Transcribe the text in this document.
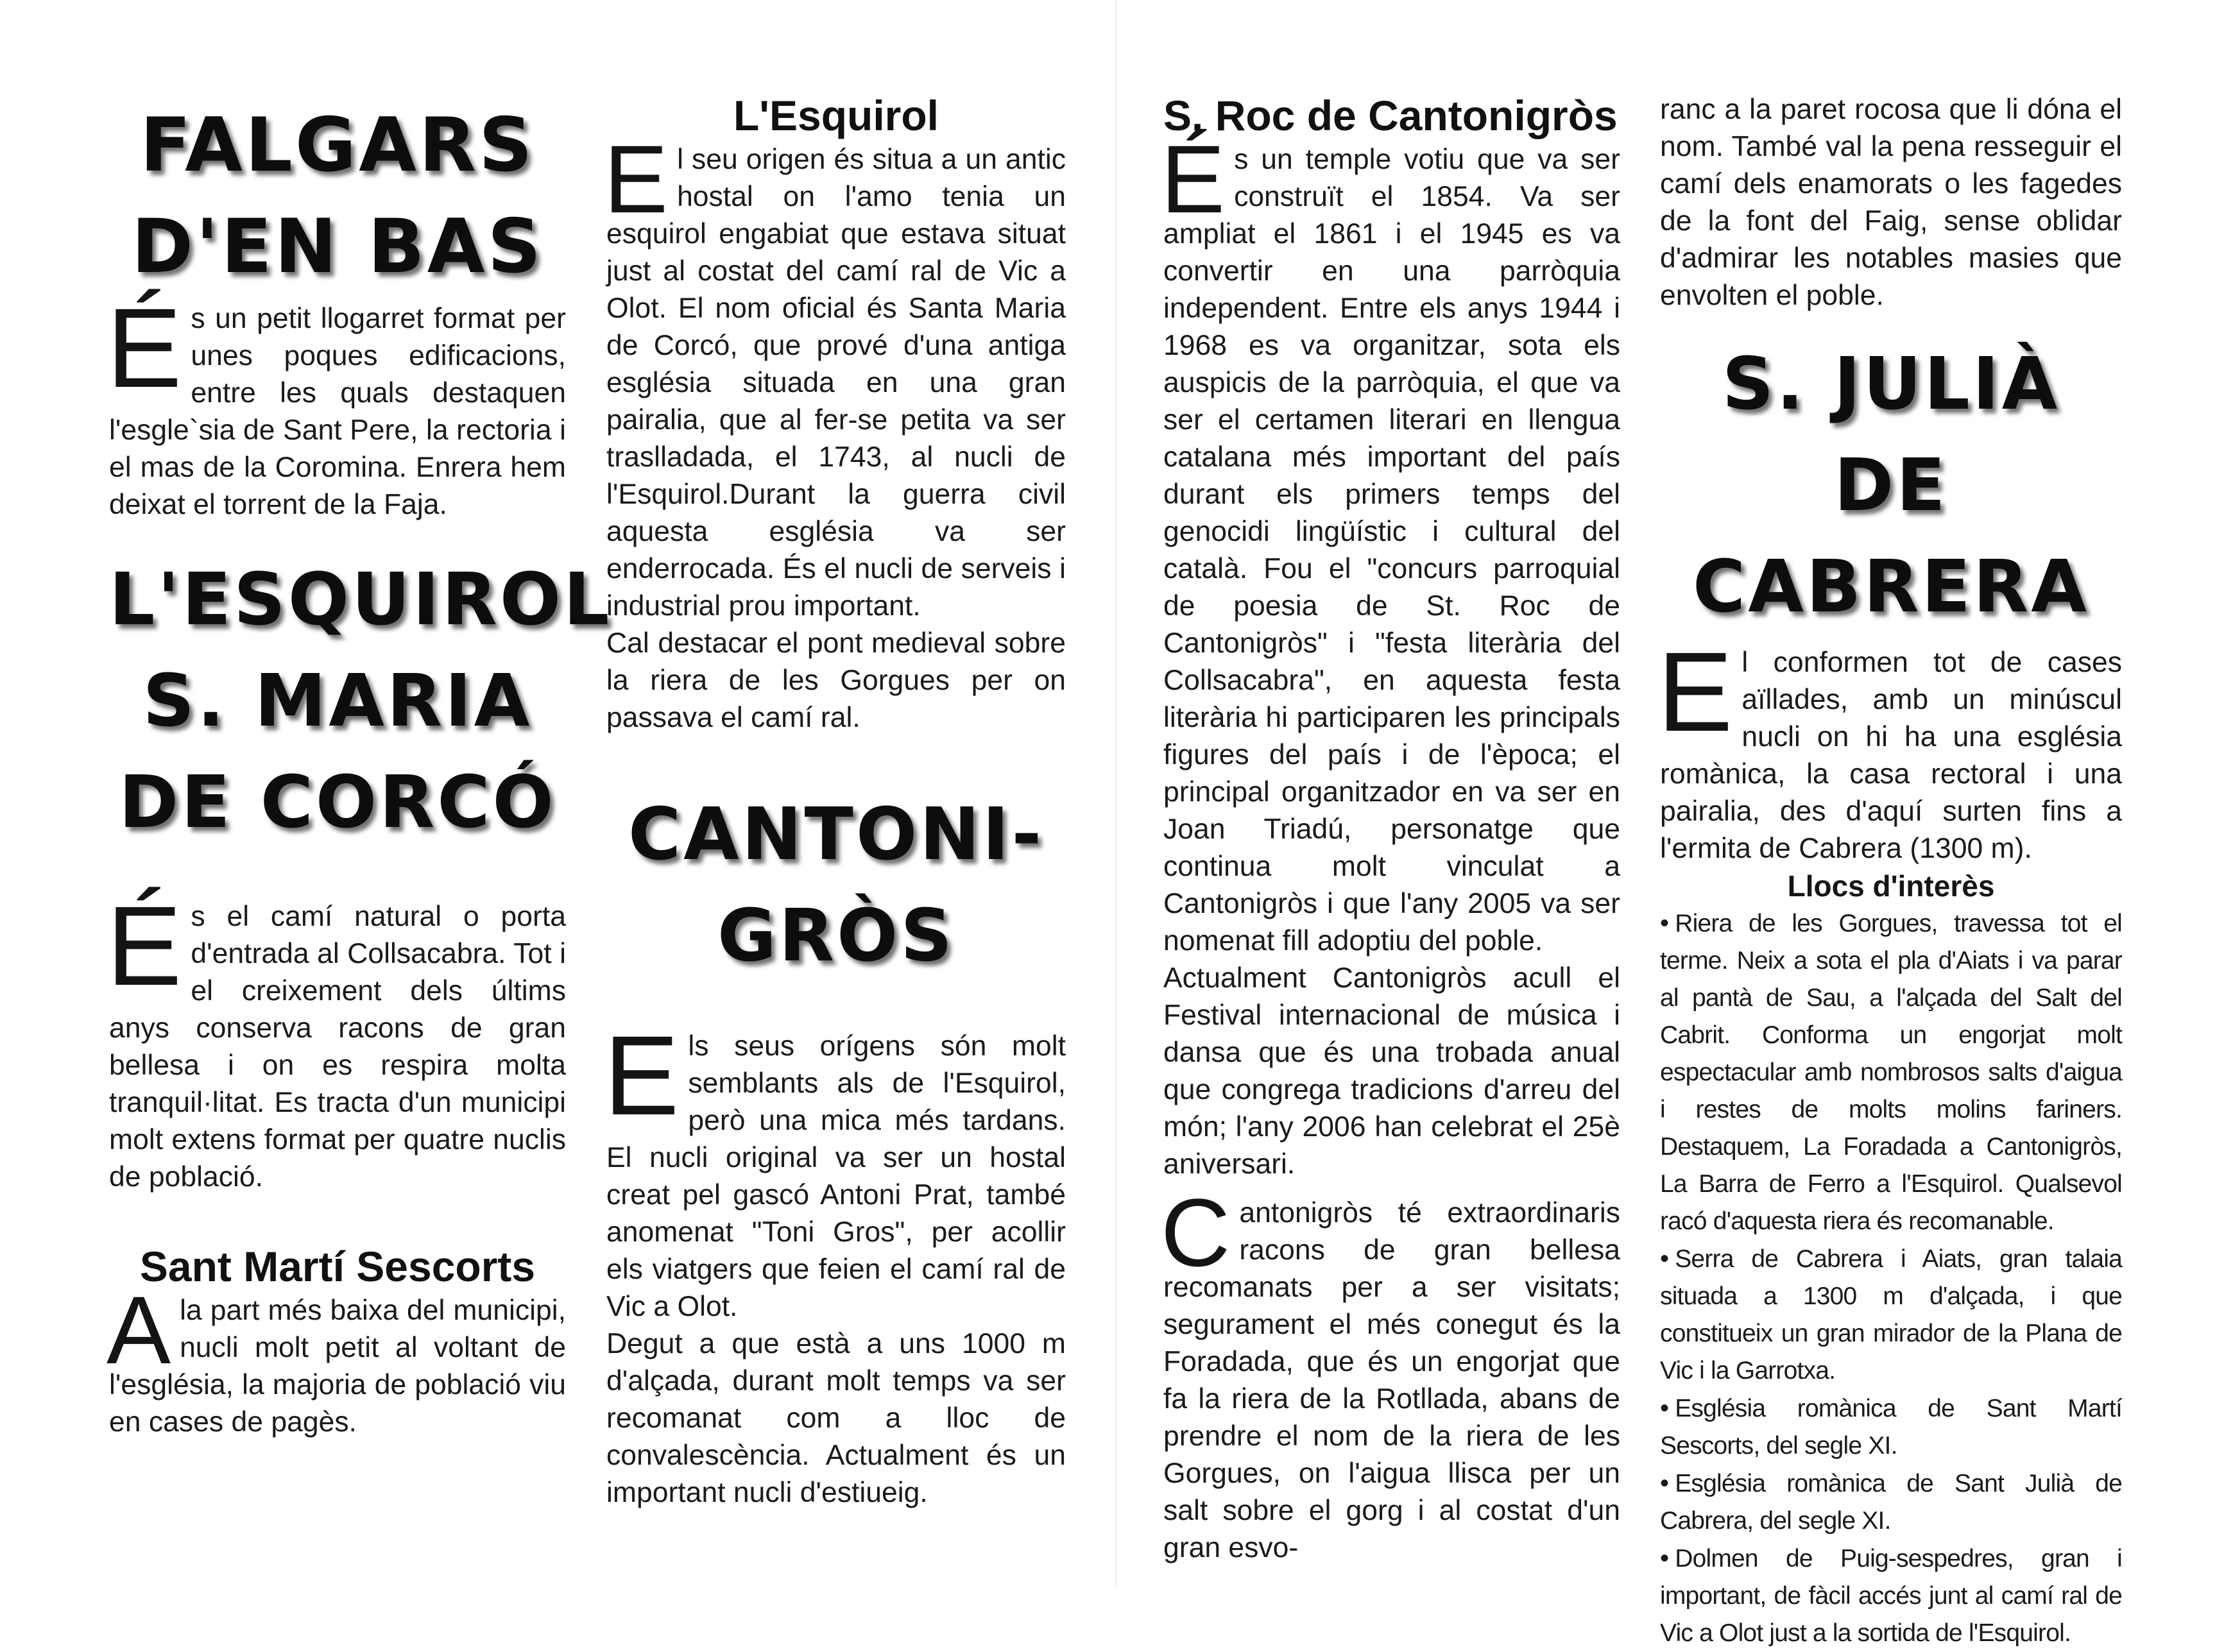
FALGARS
D'EN BAS

És un petit llogarret format per unes poques edificacions, entre les quals destaquen l'esgle`sia de Sant Pere, la rectoria i el mas de la Coromina. Enrera hem deixat el torrent de la Faja.

L'ESQUIROL
S. MARIA
DE CORCÓ

És el camí natural o porta d'entrada al Collsacabra. Tot i el creixement dels últims anys conserva racons de gran bellesa i on es respira molta tranquil·litat. Es tracta d'un municipi molt extens format per quatre nuclis de població.

Sant Martí Sescorts

Ala part més baixa del municipi, nucli molt petit al voltant de l'església, la majoria de població viu en cases de pagès.

L'Esquirol

El seu origen és situa a un antic hostal on l'amo tenia un esquirol engabiat que estava situat just al costat del camí ral de Vic a Olot. El nom oficial és Santa Maria de Corcó, que prové d'una antiga església situada en una gran pairalia, que al fer-se petita va ser traslladada, el 1743, al nucli de l'Esquirol.Durant la guerra civil aquesta església va ser enderrocada. És el nucli de serveis i industrial prou important.

Cal destacar el pont medieval sobre la riera de les Gorgues per on passava el camí ral.

CANTONI-
GRÒS

Els seus orígens són molt semblants als de l'Esquirol, però una mica més tardans. El nucli original va ser un hostal creat pel gascó Antoni Prat, també anomenat "Toni Gros", per acollir els viatgers que feien el camí ral de Vic a Olot.

Degut a que està a uns 1000 m d'alçada, durant molt temps va ser recomanat com a lloc de convalescència. Actualment és un important nucli d'estiueig.

S. Roc de Cantonigròs

És un temple votiu que va ser construït el 1854. Va ser ampliat el 1861 i el 1945 es va convertir en una parròquia independent. Entre els anys 1944 i 1968 es va organitzar, sota els auspicis de la parròquia, el que va ser el certamen literari en llengua catalana més important del país durant els primers temps del genocidi lingüístic i cultural del català. Fou el "concurs parroquial de poesia de St. Roc de Cantonigròs" i "festa literària del Collsacabra", en aquesta festa literària hi participaren les principals figures del país i de l'època; el principal organitzador en va ser en Joan Triadú, personatge que continua molt vinculat a Cantonigròs i que l'any 2005 va ser nomenat fill adoptiu del poble.

Actualment Cantonigròs acull el Festival internacional de música i dansa que és una trobada anual que congrega tradicions d'arreu del món; l'any 2006 han celebrat el 25è aniversari.

Cantonigròs té extraordinaris racons de gran bellesa recomanats per a ser visitats; segurament el més conegut és la Foradada, que és un engorjat que fa la riera de la Rotllada, abans de prendre el nom de la riera de les Gorgues, on l'aigua llisca per un salt sobre el gorg i al costat d'un gran esvo-

ranc a la paret rocosa que li dóna el nom. També val la pena resseguir el camí dels enamorats o les fagedes de la font del Faig, sense oblidar d'admirar les notables masies que envolten el poble.

S. JULIÀ DE
CABRERA

El conformen tot de cases aïllades, amb un minúscul nucli on hi ha una església romànica, la casa rectoral i una pairalia, des d'aquí surten fins a l'ermita de Cabrera (1300 m).

Llocs d'interès
• Riera de les Gorgues, travessa tot el terme. Neix a sota el pla d'Aiats i va parar al pantà de Sau, a l'alçada del Salt del Cabrit. Conforma un engorjat molt espectacular amb nombrosos salts d'aigua i restes de molts molins fariners. Destaquem, La Foradada a Cantonigròs, La Barra de Ferro a l'Esquirol. Qualsevol racó d'aquesta riera és recomanable.
• Serra de Cabrera i Aiats, gran talaia situada a 1300 m d'alçada, i que constitueix un gran mirador de la Plana de Vic i la Garrotxa.
• Església romànica de Sant Martí Sescorts, del segle XI.
• Església romànica de Sant Julià de Cabrera, del segle XI.
• Dolmen de Puig-sespedres, gran i important, de fàcil accés junt al camí ral de Vic a Olot just a la sortida de l'Esquirol.
